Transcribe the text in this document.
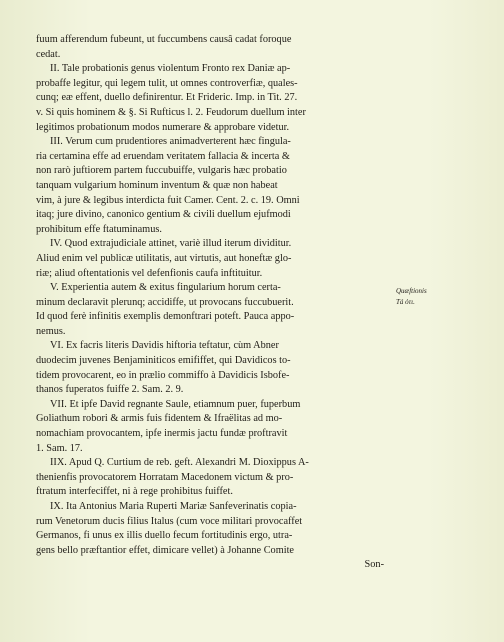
fuum afferendum fubeunt, ut fuccumbens causâ cadat foroque
cedat.
II. Tale probationis genus violentum Fronto rex Daniæ ap-
probaffe legitur, qui legem tulit, ut omnes controverfiæ, quales-
cunq; eæ effent, duello definirentur. Et Frideric. Imp. in Tit. 27.
v. Si quis hominem & §. Si Rufticus l. 2. Feudorum duellum inter
legitimos probationum modos numerare & approbare videtur.
III. Verum cum prudentiores animadverterent hæc fingula-
ria certamina effe ad eruendam veritatem fallacia & incerta &
non rarò juftiorem partem fuccubuiffe, vulgaris hæc probatio
tanquam vulgarium hominum inventum & quæ non habeat
vim, à jure & legibus interdicta fuit Camer. Cent. 2. c. 19. Omni
itaq; jure divino, canonico gentium & civili duellum ejufmodi
prohibitum effe ftatuminamus.
IV. Quod extrajudiciale attinet, variè illud iterum dividitur.
Aliud enim vel publicæ utilitatis, aut virtutis, aut honeftæ glo-
riæ; aliud oftentationis vel defenfionis caufa inftituitur.
V. Experientia autem & exitus fingularium horum certa-
minum declaravit plerunq; accidiffe, ut provocans fuccubuerit.
Id quod ferè infinitis exemplis demonftrari poteft. Pauca appo-
nemus.
VI. Ex facris literis Davidis hiftoria teftatur, cùm Abner
duodecim juvenes Benjaminiticos emififfet, qui Davidicos to-
tidem provocarent, eo in prælio commiffo à Davidicis Isbofe-
thanos fuperatos fuiffe 2. Sam. 2. 9.
VII. Et ipfe David regnante Saule, etiamnum puer, fuperbum
Goliathum robori & armis fuis fidentem & Ifraëlitas ad mo-
nomachiam provocantem, ipfe inermis jactu fundæ proftravit
1. Sam. 17.
IIX. Apud Q. Curtium de reb. geft. Alexandri M. Dioxippus A-
thenienfis provocatorem Horratam Macedonem victum & pro-
ftratum interfeciffet, ni à rege prohibitus fuiffet.
IX. Ita Antonius Maria Ruperti Mariæ Sanfeverinatis copia-
rum Venetorum ducis filius Italus (cum voce militari provocaffet
Germanos, fi unus ex illis duello fecum fortitudinis ergo, utra-
gens bello præftantior effet, dimicare vellet) à Johanne Comite
Son-
Quæftionis
Tá ỏτι.
